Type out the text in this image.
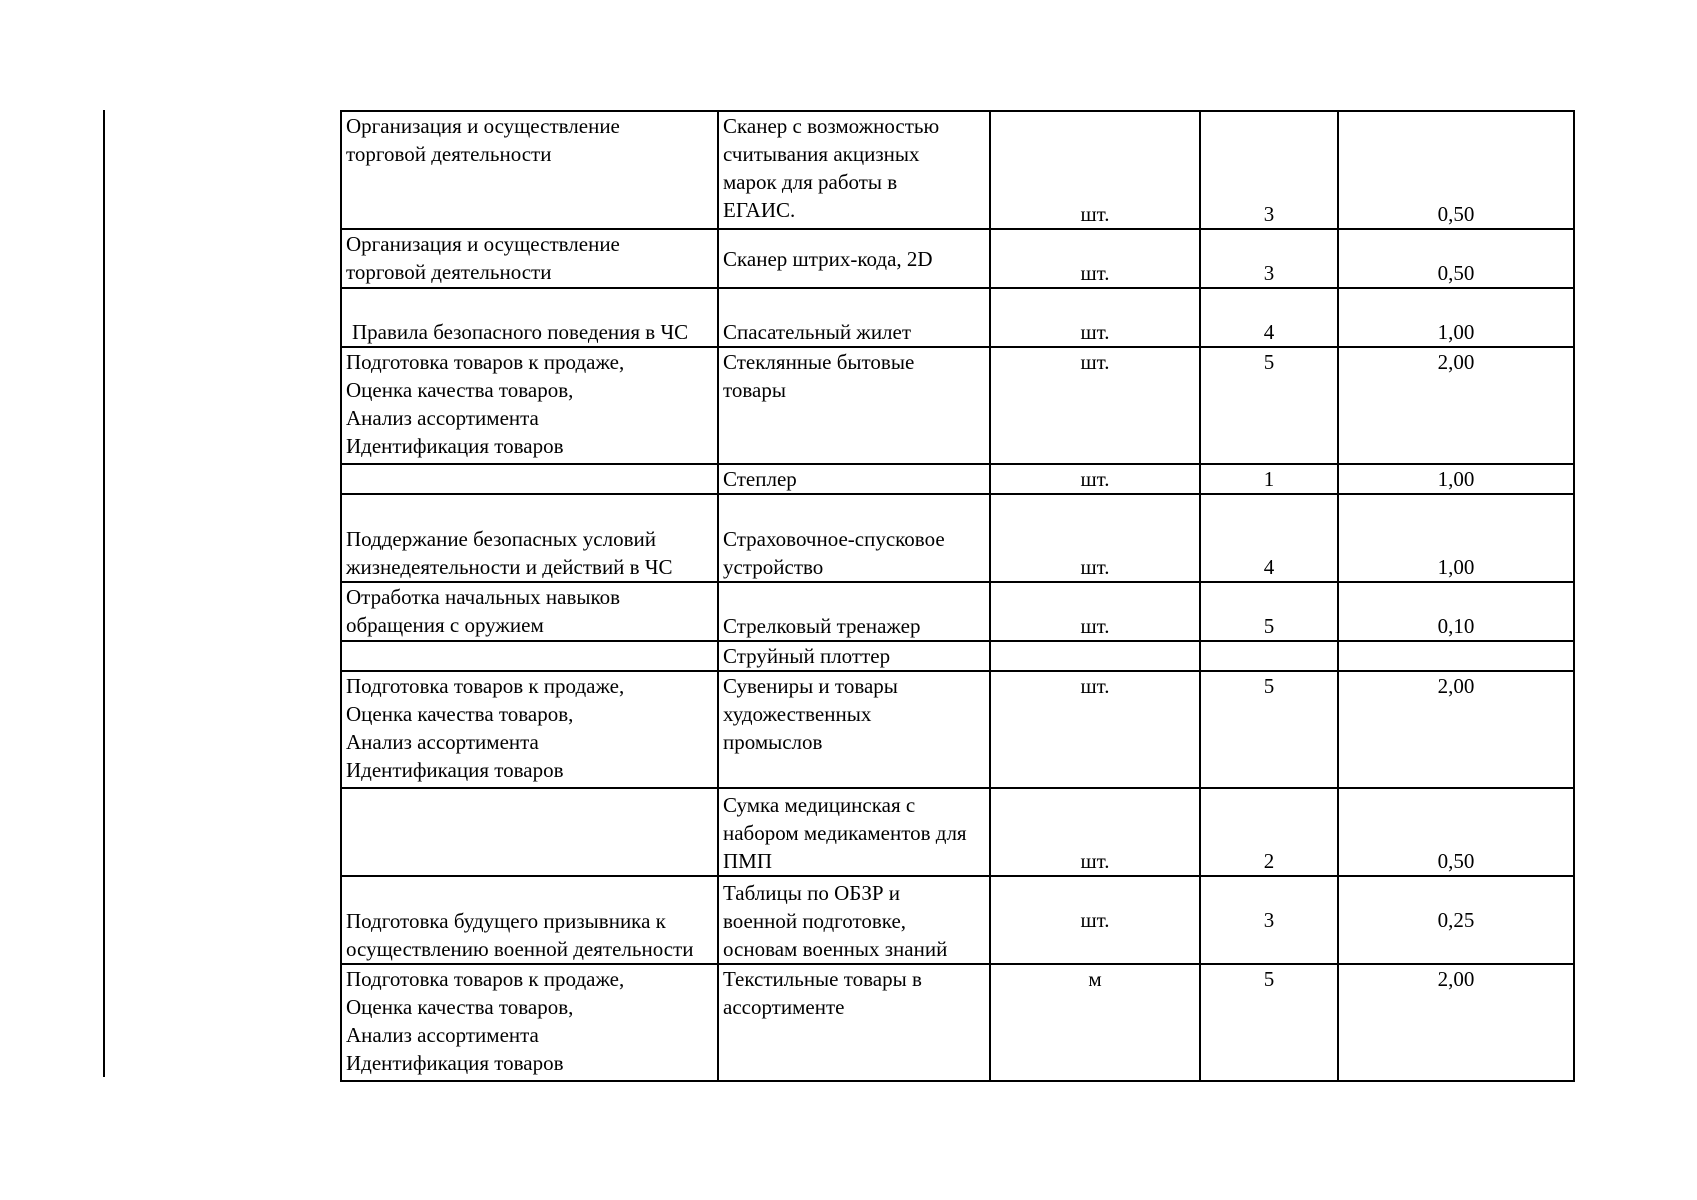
Организация и осуществление
торговой деятельности	Сканер с возможностью
считывания акцизных
марок для работы в
ЕГАИС.	шт.	3	0,50

Организация и осуществление
торговой деятельности	Сканер штрих-кода, 2D	шт.	3	0,50

Правила безопасного поведения в ЧС	Спасательный жилет	шт.	4	1,00

Подготовка товаров к продаже,
Оценка качества товаров,
Анализ ассортимента
Идентификация товаров	Стеклянные бытовые
товары	шт.	5	2,00

	Степлер	шт.	1	1,00

Поддержание безопасных условий
жизнедеятельности и действий в ЧС	Страховочное-спусковое
устройство	шт.	4	1,00

Отработка начальных навыков
обращения с оружием	Стрелковый тренажер	шт.	5	0,10

	Струйный плоттер			

Подготовка товаров к продаже,
Оценка качества товаров,
Анализ ассортимента
Идентификация товаров	Сувениры и товары
художественных
промыслов	шт.	5	2,00

	Сумка медицинская с
набором медикаментов для
ПМП	шт.	2	0,50

Подготовка будущего призывника к
осуществлению военной деятельности	Таблицы по ОБЗР и
военной подготовке,
основам военных знаний	шт.	3	0,25

Подготовка товаров к продаже,
Оценка качества товаров,
Анализ ассортимента
Идентификация товаров	Текстильные товары в
ассортименте	м	5	2,00
